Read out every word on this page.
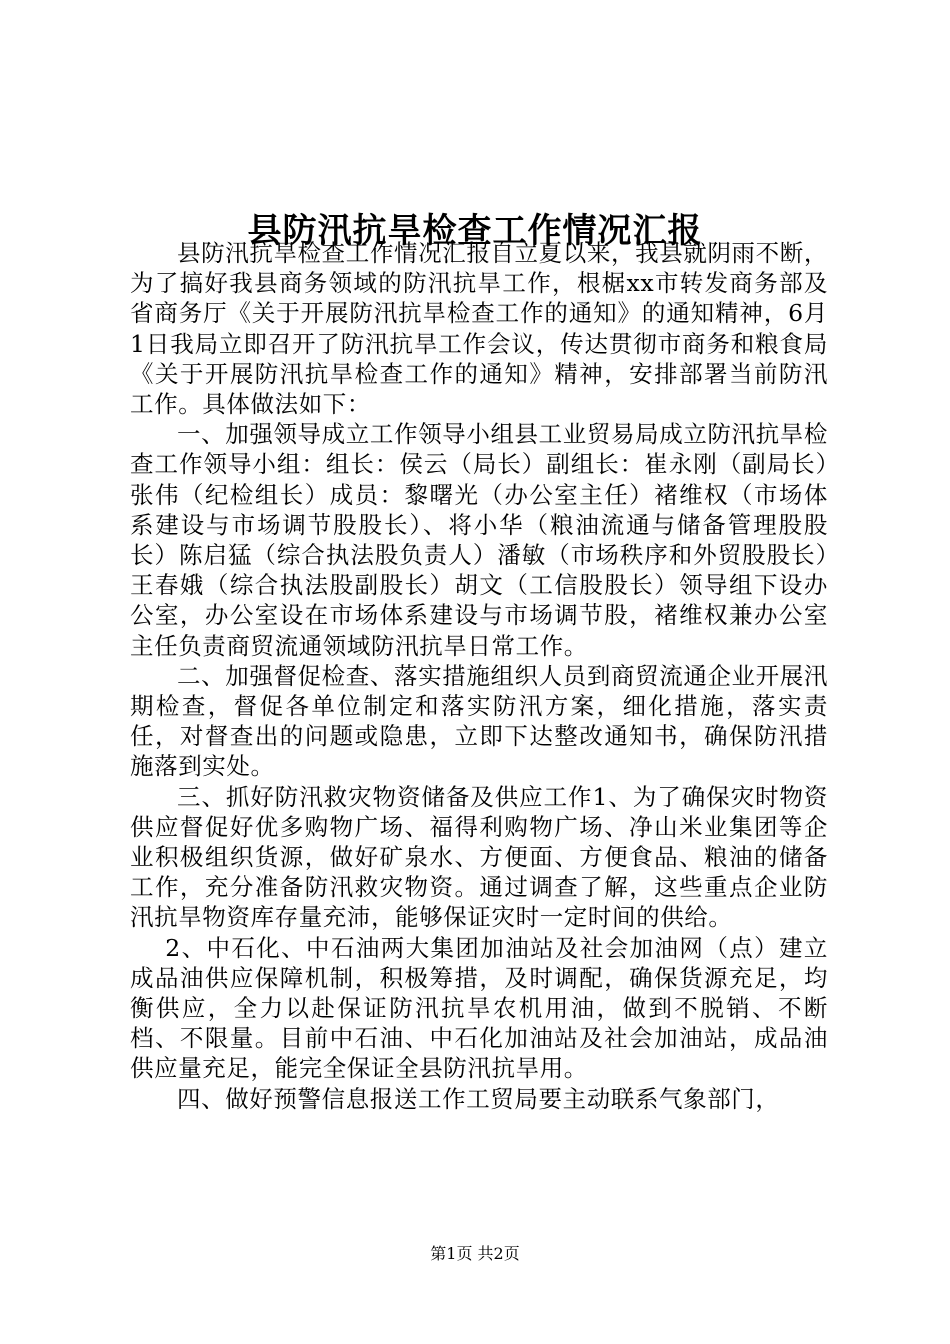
县防汛抗旱检查工作情况汇报

县防汛抗旱检查工作情况汇报自立夏以来，我县就阴雨不断，为了搞好我县商务领域的防汛抗旱工作，根椐xx市转发商务部及省商务厅《关于开展防汛抗旱检查工作的通知》的通知精神，6月1日我局立即召开了防汛抗旱工作会议，传达贯彻市商务和粮食局《关于开展防汛抗旱检查工作的通知》精神，安排部署当前防汛工作。具体做法如下：

一、加强领导成立工作领导小组县工业贸易局成立防汛抗旱检查工作领导小组：组长：侯云（局长）副组长：崔永刚（副局长）张伟（纪检组长）成员：黎曙光（办公室主任）褚维权（市场体系建设与市场调节股股长）、将小华（粮油流通与储备管理股股长）陈启猛（综合执法股负责人）潘敏（市场秩序和外贸股股长）王春娥（综合执法股副股长）胡文（工信股股长）领导组下设办公室，办公室设在市场体系建设与市场调节股，褚维权兼办公室主任负责商贸流通领域防汛抗旱日常工作。

二、加强督促检查、落实措施组织人员到商贸流通企业开展汛期检查，督促各单位制定和落实防汛方案，细化措施，落实责任，对督查出的问题或隐患，立即下达整改通知书，确保防汛措施落到实处。

三、抓好防汛救灾物资储备及供应工作1、为了确保灾时物资供应督促好优多购物广场、福得利购物广场、净山米业集团等企业积极组织货源，做好矿泉水、方便面、方便食品、粮油的储备工作，充分准备防汛救灾物资。通过调查了解，这些重点企业防汛抗旱物资库存量充沛，能够保证灾时一定时间的供给。

2、中石化、中石油两大集团加油站及社会加油网（点）建立成品油供应保障机制，积极筹措，及时调配，确保货源充足，均衡供应，全力以赴保证防汛抗旱农机用油，做到不脱销、不断档、不限量。目前中石油、中石化加油站及社会加油站，成品油供应量充足，能完全保证全县防汛抗旱用。

四、做好预警信息报送工作工贸局要主动联系气象部门，

第1页 共2页
